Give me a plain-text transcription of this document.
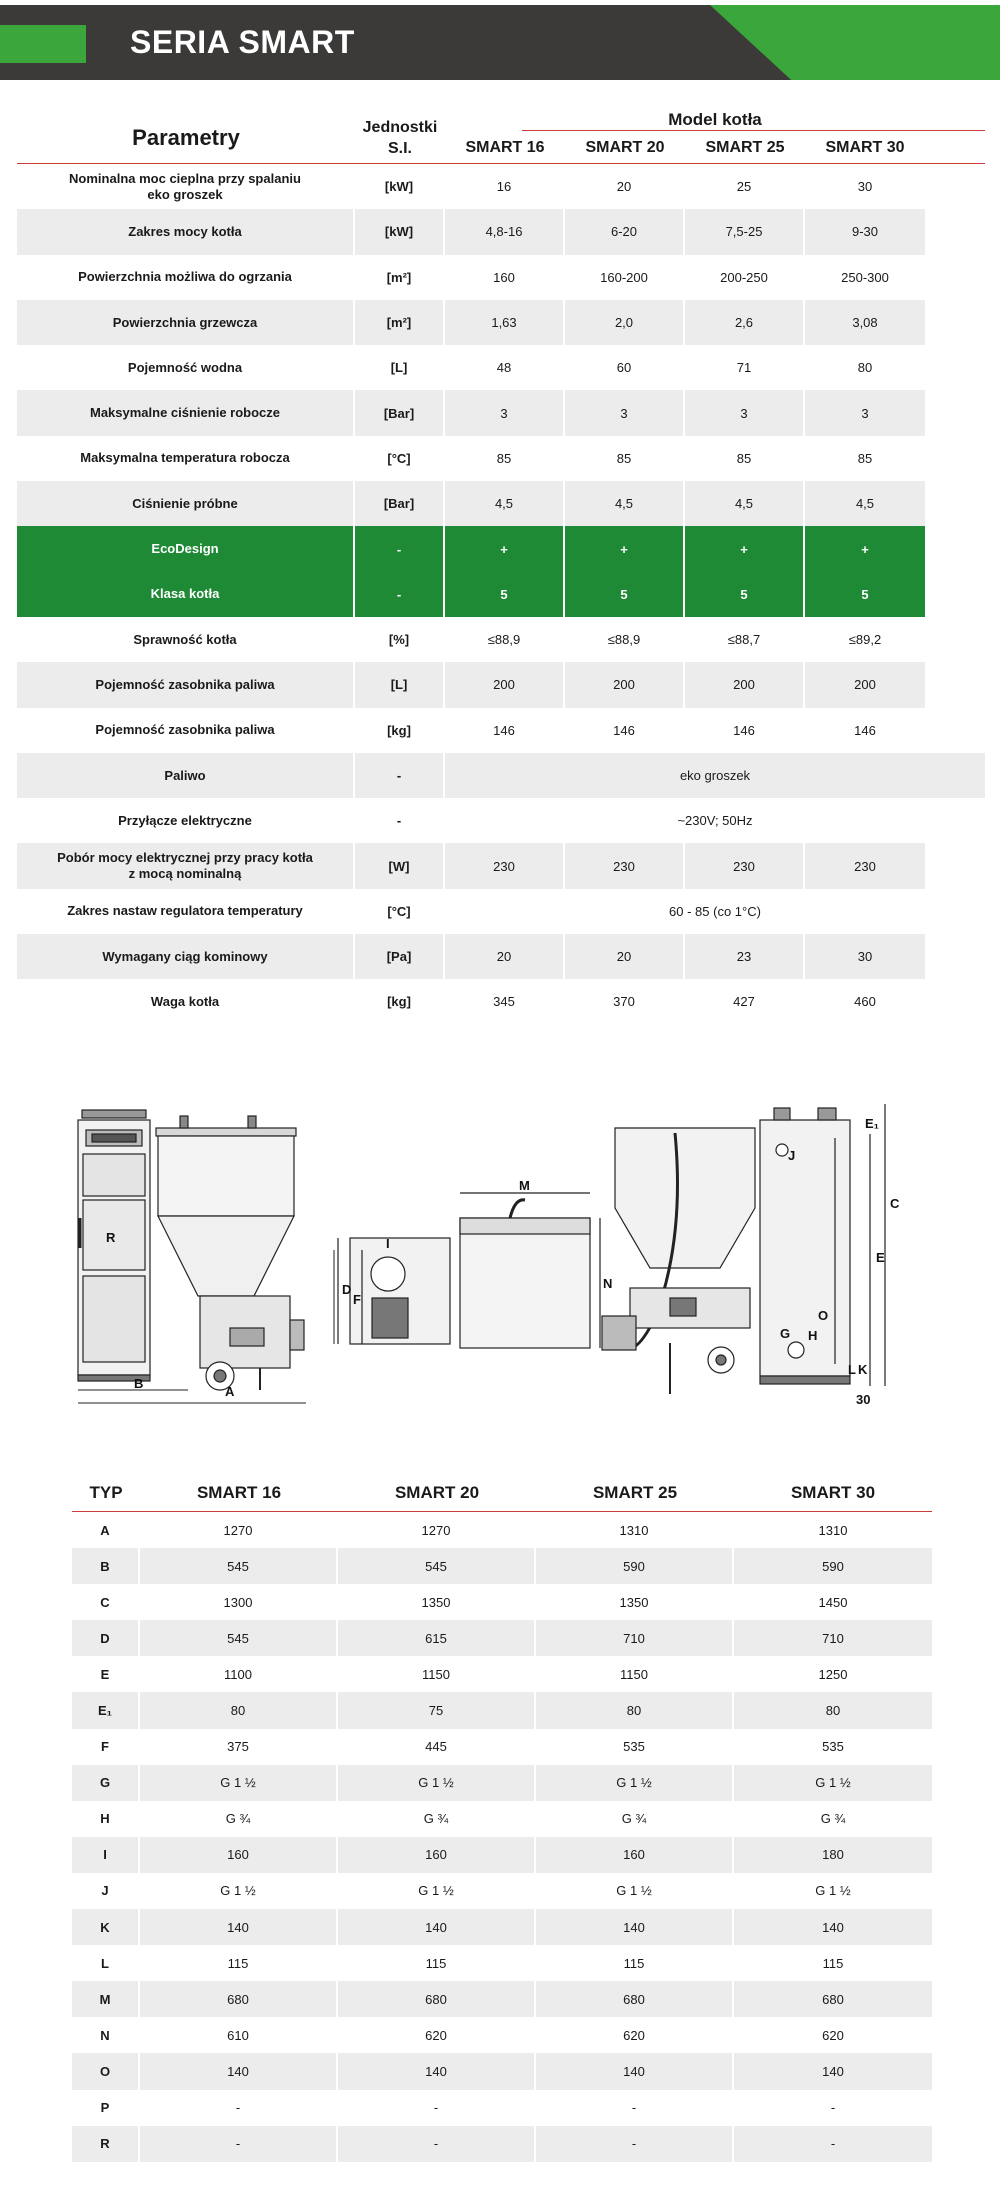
SERIA SMART
Parametry	Jednostki
S.I.
Model kotła
SMART 16	SMART 20	SMART 25	SMART 30
Nominalna moc cieplna przy spalaniu eko groszek	[kW]	16	20	25	30
Zakres mocy kotła	[kW]	4,8-16	6-20	7,5-25	9-30
Powierzchnia możliwa do ogrzania	[m²]	160	160-200	200-250	250-300
Powierzchnia grzewcza	[m²]	1,63	2,0	2,6	3,08
Pojemność wodna	[L]	48	60	71	80
Maksymalne ciśnienie robocze	[Bar]	3	3	3	3
Maksymalna temperatura robocza	[°C]	85	85	85	85
Ciśnienie próbne	[Bar]	4,5	4,5	4,5	4,5
EcoDesign	-	+	+	+	+
Klasa kotła	-	5	5	5	5
Sprawność kotła	[%]	≤88,9	≤88,9	≤88,7	≤89,2
Pojemność zasobnika paliwa	[L]	200	200	200	200
Pojemność zasobnika paliwa	[kg]	146	146	146	146
Paliwo	-	eko groszek
Przyłącze elektryczne	-	~230V; 50Hz
Pobór mocy elektrycznej przy pracy kotła z mocą nominalną	[W]	230	230	230	230
Zakres nastaw regulatora temperatury	[°C]	60 - 85 (co 1°C)
Wymagany ciąg kominowy	[Pa]	20	20	23	30
Waga kotła	[kg]	345	370	427	460
A
B
C
D
E
E₁
F
G H
I
J
K
L
M
N
O
R
30
TYP	SMART 16	SMART 20	SMART 25	SMART 30
A	1270	1270	1310	1310
B	545	545	590	590
C	1300	1350	1350	1450
D	545	615	710	710
E	1100	1150	1150	1250
E₁	80	75	80	80
F	375	445	535	535
G	G 1 ½	G 1 ½	G 1 ½	G 1 ½
H	G ¾	G ¾	G ¾	G ¾
I	160	160	160	180
J	G 1 ½	G 1 ½	G 1 ½	G 1 ½
K	140	140	140	140
L	115	115	115	115
M	680	680	680	680
N	610	620	620	620
O	140	140	140	140
P	-	-	-	-
R	-	-	-	-
